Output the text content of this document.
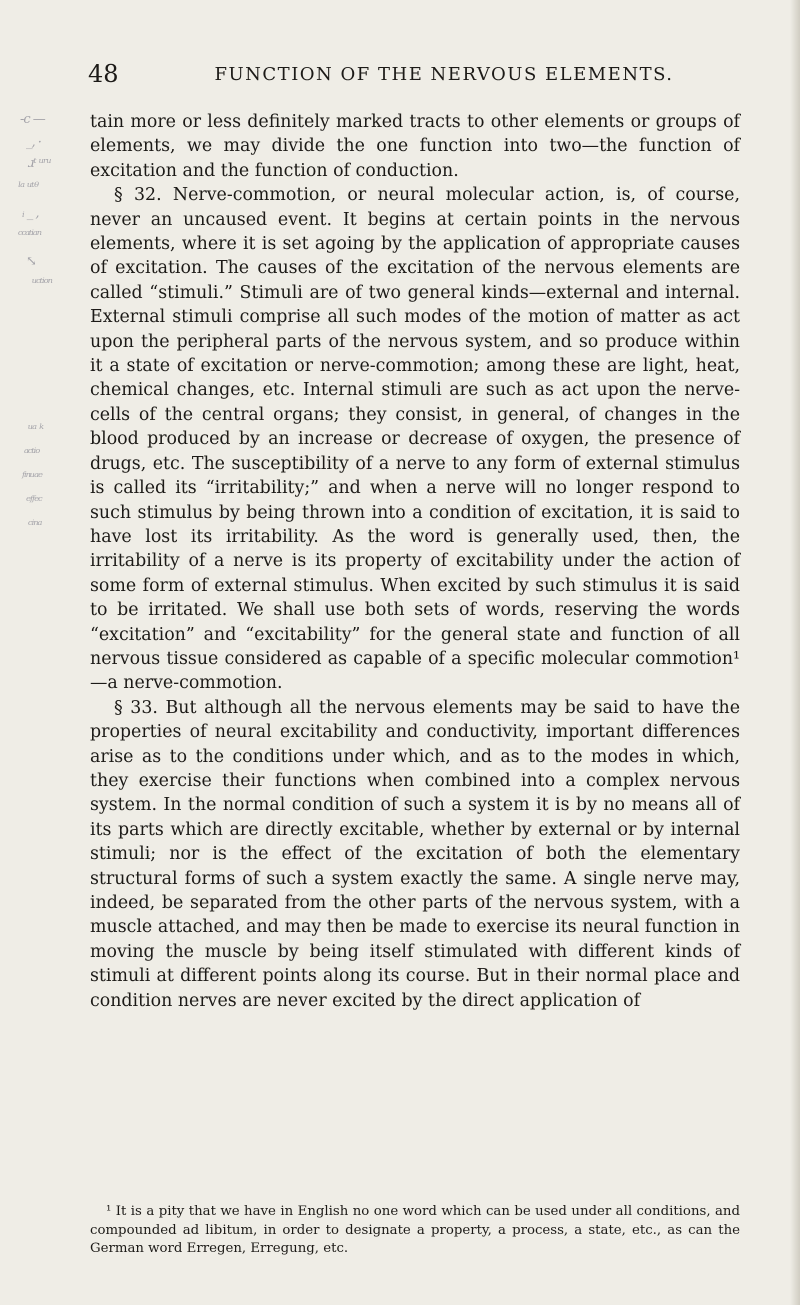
-c —
_, ·
ɹᵗ ᵘʳᵘ
ˡᵃ ᵘᵗᶿ
ᵢ _ ,
ᶜᶜᵃᵗⁱᵃⁿ
⤡
ᵘᶜᵗⁱᵒⁿ
ᵘᵃ ᵏ
ᵃᶜᵗⁱᵒ
ᶠⁱⁿᵘᵃᵉ
ᵉᶠᶠᵉᶜ
ᶜⁱⁿᵃ
48	FUNCTION OF THE NERVOUS ELEMENTS.

tain more or less definitely marked tracts to other elements or groups of elements, we may divide the one function into two—the function of excitation and the function of conduction.

§ 32. Nerve-commotion, or neural molecular action, is, of course, never an uncaused event. It begins at certain points in the nervous elements, where it is set agoing by the application of appropriate causes of excitation. The causes of the excitation of the nervous elements are called “stimuli.” Stimuli are of two general kinds—external and internal. External stimuli comprise all such modes of the motion of matter as act upon the peripheral parts of the nervous system, and so produce within it a state of excitation or nerve-commotion; among these are light, heat, chemical changes, etc. Internal stimuli are such as act upon the nerve-cells of the central organs; they consist, in general, of changes in the blood produced by an increase or decrease of oxygen, the presence of drugs, etc. The susceptibility of a nerve to any form of external stimulus is called its “irritability;” and when a nerve will no longer respond to such stimulus by being thrown into a condition of excitation, it is said to have lost its irritability. As the word is generally used, then, the irritability of a nerve is its property of excitability under the action of some form of external stimulus. When excited by such stimulus it is said to be irritated. We shall use both sets of words, reserving the words “excitation” and “excitability” for the general state and function of all nervous tissue considered as capable of a specific molecular commotion¹—a nerve-commotion.

§ 33. But although all the nervous elements may be said to have the properties of neural excitability and conductivity, important differences arise as to the conditions under which, and as to the modes in which, they exercise their functions when combined into a complex nervous system. In the normal condition of such a system it is by no means all of its parts which are directly excitable, whether by external or by internal stimuli; nor is the effect of the excitation of both the elementary structural forms of such a system exactly the same. A single nerve may, indeed, be separated from the other parts of the nervous system, with a muscle attached, and may then be made to exercise its neural function in moving the muscle by being itself stimulated with different kinds of stimuli at different points along its course. But in their normal place and condition nerves are never excited by the direct application of

¹ It is a pity that we have in English no one word which can be used under all conditions, and compounded ad libitum, in order to designate a property, a process, a state, etc., as can the German word Erregen, Erregung, etc.
